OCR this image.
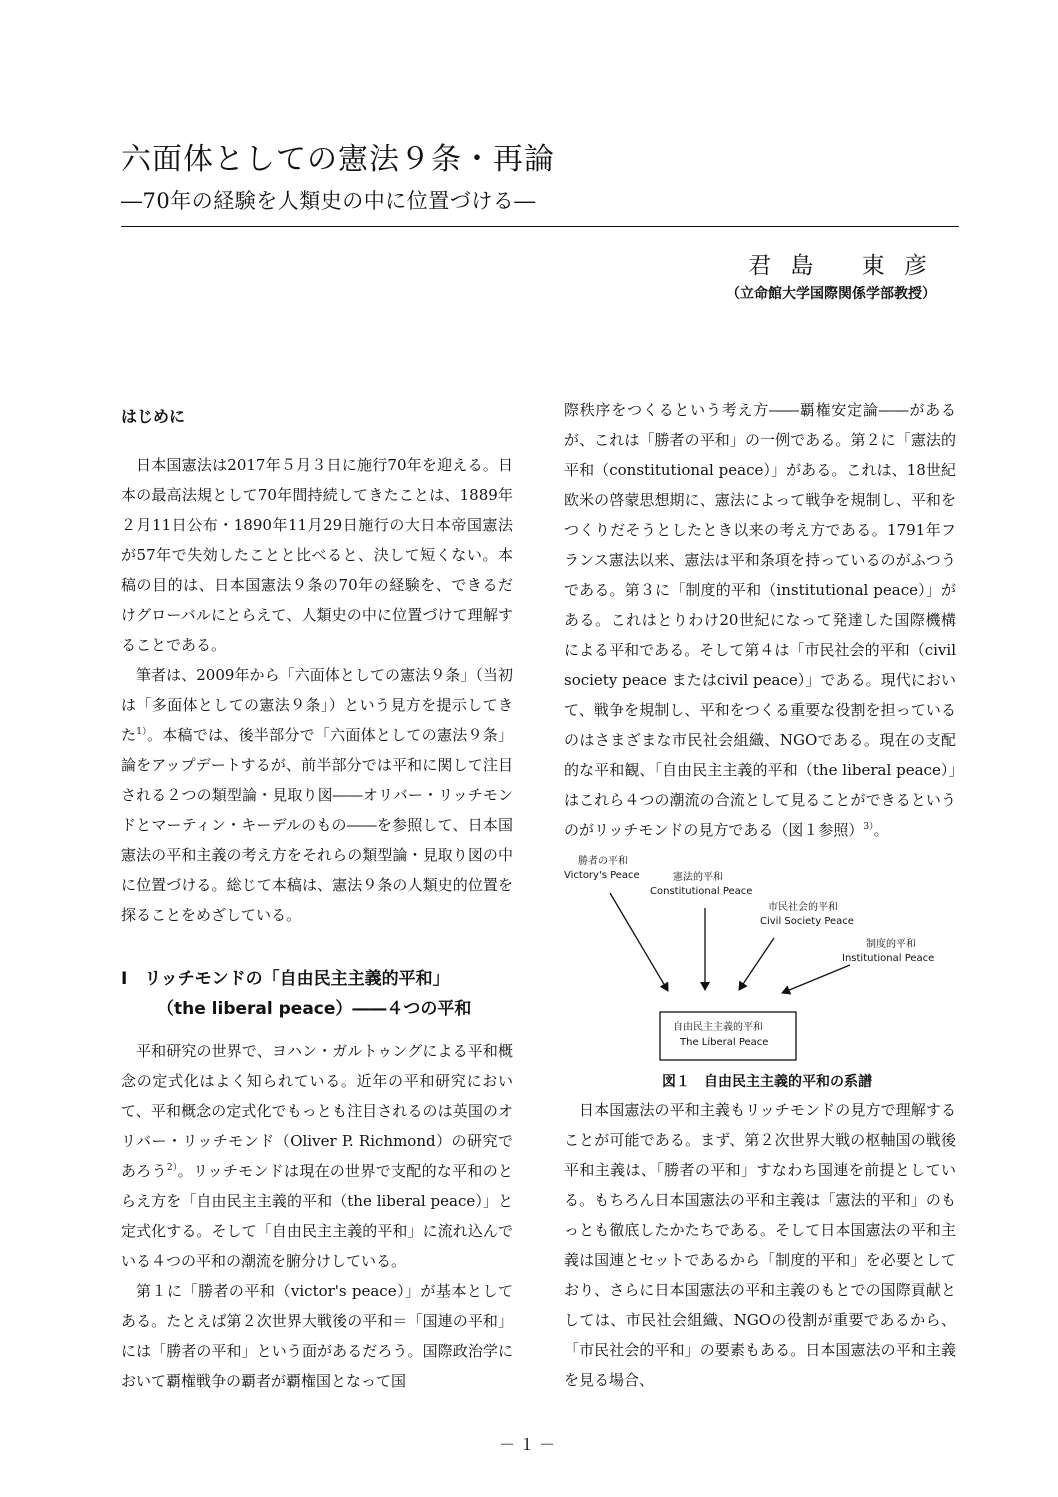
六面体としての憲法９条・再論
―70年の経験を人類史の中に位置づける―

君 島　 東 彦

（立命館大学国際関係学部教授）

はじめに

日本国憲法は2017年５月３日に施行70年を迎える。日本の最高法規として70年間持続してきたことは、1889年２月11日公布・1890年11月29日施行の大日本帝国憲法が57年で失効したことと比べると、決して短くない。本稿の目的は、日本国憲法９条の70年の経験を、できるだけグローバルにとらえて、人類史の中に位置づけて理解することである。

筆者は、2009年から「六面体としての憲法９条」（当初は「多面体としての憲法９条」）という見方を提示してきた$^{1)}$。本稿では、後半部分で「六面体としての憲法９条」論をアップデートするが、前半部分では平和に関して注目される２つの類型論・見取り図――オリバー・リッチモンドとマーティン・キーデルのもの――を参照して、日本国憲法の平和主義の考え方をそれらの類型論・見取り図の中に位置づける。総じて本稿は、憲法９条の人類史的位置を探ることをめざしている。

Ⅰ　リッチモンドの「自由民主主義的平和」
（the liberal peace）――４つの平和

平和研究の世界で、ヨハン・ガルトゥングによる平和概念の定式化はよく知られている。近年の平和研究において、平和概念の定式化でもっとも注目されるのは英国のオリバー・リッチモンド（Oliver P. Richmond）の研究であろう$^{2)}$。リッチモンドは現在の世界で支配的な平和のとらえ方を「自由民主主義的平和（the liberal peace）」と定式化する。そして「自由民主主義的平和」に流れ込んでいる４つの平和の潮流を腑分けしている。

第１に「勝者の平和（victor's peace）」が基本としてある。たとえば第２次世界大戦後の平和＝「国連の平和」には「勝者の平和」という面があるだろう。国際政治学において覇権戦争の覇者が覇権国となって国

際秩序をつくるという考え方――覇権安定論――があるが、これは「勝者の平和」の一例である。第２に「憲法的平和（constitutional peace）」がある。これは、18世紀欧米の啓蒙思想期に、憲法によって戦争を規制し、平和をつくりだそうとしたとき以来の考え方である。1791年フランス憲法以来、憲法は平和条項を持っているのがふつうである。第３に「制度的平和（institutional peace）」がある。これはとりわけ20世紀になって発達した国際機構による平和である。そして第４は「市民社会的平和（civil society peace またはcivil peace）」である。現代において、戦争を規制し、平和をつくる重要な役割を担っているのはさまざまな市民社会組織、NGOである。現在の支配的な平和観、「自由民主主義的平和（the liberal peace）」はこれら４つの潮流の合流として見ることができるというのがリッチモンドの見方である（図１参照）$^{3)}$。

勝者の平和
Victory's Peace	憲法的平和
Constitutional Peace
市民社会的平和
Civil Society Peace
制度的平和
Institutional Peace
自由民主主義的平和
The Liberal Peace

図１　自由民主主義的平和の系譜

日本国憲法の平和主義もリッチモンドの見方で理解することが可能である。まず、第２次世界大戦の枢軸国の戦後平和主義は、「勝者の平和」すなわち国連を前提としている。もちろん日本国憲法の平和主義は「憲法的平和」のもっとも徹底したかたちである。そして日本国憲法の平和主義は国連とセットであるから「制度的平和」を必要としており、さらに日本国憲法の平和主義のもとでの国際貢献としては、市民社会組織、NGOの役割が重要であるから、「市民社会的平和」の要素もある。日本国憲法の平和主義を見る場合、

－１－
